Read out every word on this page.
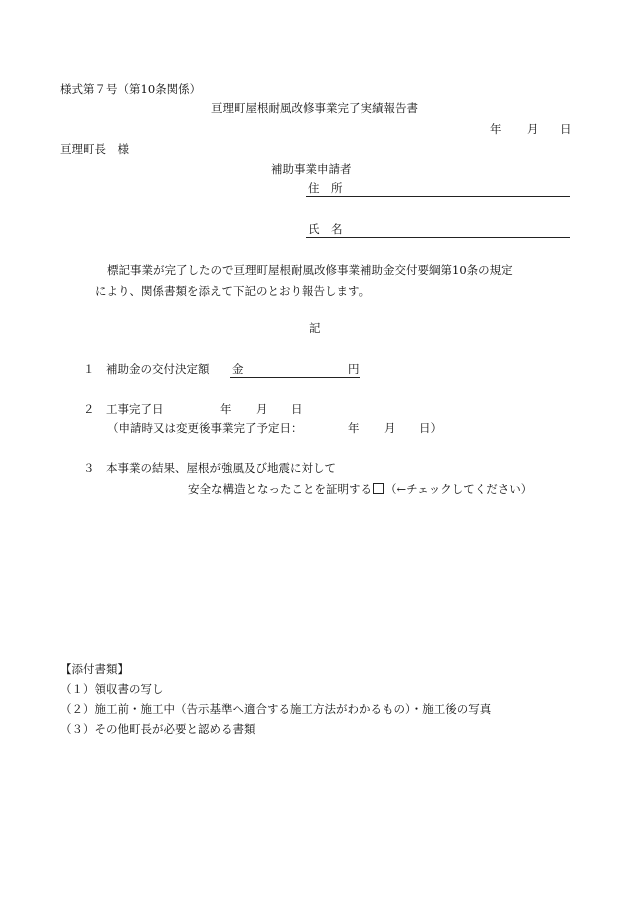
様式第７号（第10条関係）
亘理町屋根耐風改修事業完了実績報告書
年 月 日
亘理町長　様
補助事業申請者
住　所
氏　名
標記事業が完了したので亘理町屋根耐風改修事業補助金交付要綱第10条の規定
により、関係書類を添えて下記のとおり報告します。
記
１　補助金の交付決定額 金	円
２　工事完了日	年 月 日
（申請時又は変更後事業完了予定日：	年 月 日）
３　本事業の結果、屋根が強風及び地震に対して
安全な構造となったことを証明する （←チェックしてください）
【添付書類】
（１）領収書の写し
（２）施工前・施工中（告示基準へ適合する施工方法がわかるもの）・施工後の写真
（３）その他町長が必要と認める書類
